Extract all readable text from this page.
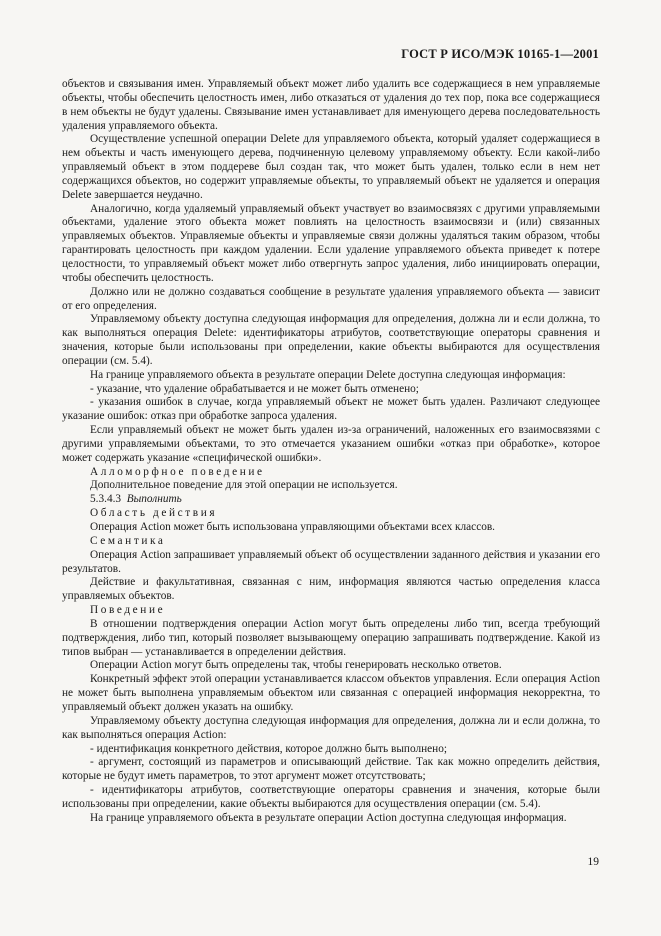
ГОСТ Р ИСО/МЭК 10165-1—2001

объектов и связывания имен. Управляемый объект может либо удалить все содержащиеся в нем управляемые объекты, чтобы обеспечить целостность имен, либо отказаться от удаления до тех пор, пока все содержащиеся в нем объекты не будут удалены. Связывание имен устанавливает для именующего дерева последовательность удаления управляемого объекта.

Осуществление успешной операции Delete для управляемого объекта, который удаляет содержащиеся в нем объекты и часть именующего дерева, подчиненную целевому управляемому объекту. Если какой-либо управляемый объект в этом поддереве был создан так, что может быть удален, только если в нем нет содержащихся объектов, но содержит управляемые объекты, то управляемый объект не удаляется и операция Delete завершается неудачно.

Аналогично, когда удаляемый управляемый объект участвует во взаимосвязях с другими управляемыми объектами, удаление этого объекта может повлиять на целостность взаимосвязи и (или) связанных управляемых объектов. Управляемые объекты и управляемые связи должны удаляться таким образом, чтобы гарантировать целостность при каждом удалении. Если удаление управляемого объекта приведет к потере целостности, то управляемый объект может либо отвергнуть запрос удаления, либо инициировать операции, чтобы обеспечить целостность.

Должно или не должно создаваться сообщение в результате удаления управляемого объекта — зависит от его определения.

Управляемому объекту доступна следующая информация для определения, должна ли и если должна, то как выполняться операция Delete: идентификаторы атрибутов, соответствующие операторы сравнения и значения, которые были использованы при определении, какие объекты выбираются для осуществления операции (см. 5.4).

На границе управляемого объекта в результате операции Delete доступна следующая информация:

- указание, что удаление обрабатывается и не может быть отменено;

- указания ошибок в случае, когда управляемый объект не может быть удален. Различают следующее указание ошибок: отказ при обработке запроса удаления.

Если управляемый объект не может быть удален из-за ограничений, наложенных его взаимосвязями с другими управляемыми объектами, то это отмечается указанием ошибки «отказ при обработке», которое может содержать указание «специфической ошибки».

Алломорфное поведение

Дополнительное поведение для этой операции не используется.

5.3.4.3 Выполнить

Область действия

Операция Action может быть использована управляющими объектами всех классов.

Семантика

Операция Action запрашивает управляемый объект об осуществлении заданного действия и указании его результатов.

Действие и факультативная, связанная с ним, информация являются частью определения класса управляемых объектов.

Поведение

В отношении подтверждения операции Action могут быть определены либо тип, всегда требующий подтверждения, либо тип, который позволяет вызывающему операцию запрашивать подтверждение. Какой из типов выбран — устанавливается в определении действия.

Операции Action могут быть определены так, чтобы генерировать несколько ответов.

Конкретный эффект этой операции устанавливается классом объектов управления. Если операция Action не может быть выполнена управляемым объектом или связанная с операцией информация некорректна, то управляемый объект должен указать на ошибку.

Управляемому объекту доступна следующая информация для определения, должна ли и если должна, то как выполняться операция Action:

- идентификация конкретного действия, которое должно быть выполнено;

- аргумент, состоящий из параметров и описывающий действие. Так как можно определить действия, которые не будут иметь параметров, то этот аргумент может отсутствовать;

- идентификаторы атрибутов, соответствующие операторы сравнения и значения, которые были использованы при определении, какие объекты выбираются для осуществления операции (см. 5.4).

На границе управляемого объекта в результате операции Action доступна следующая информация.

19
